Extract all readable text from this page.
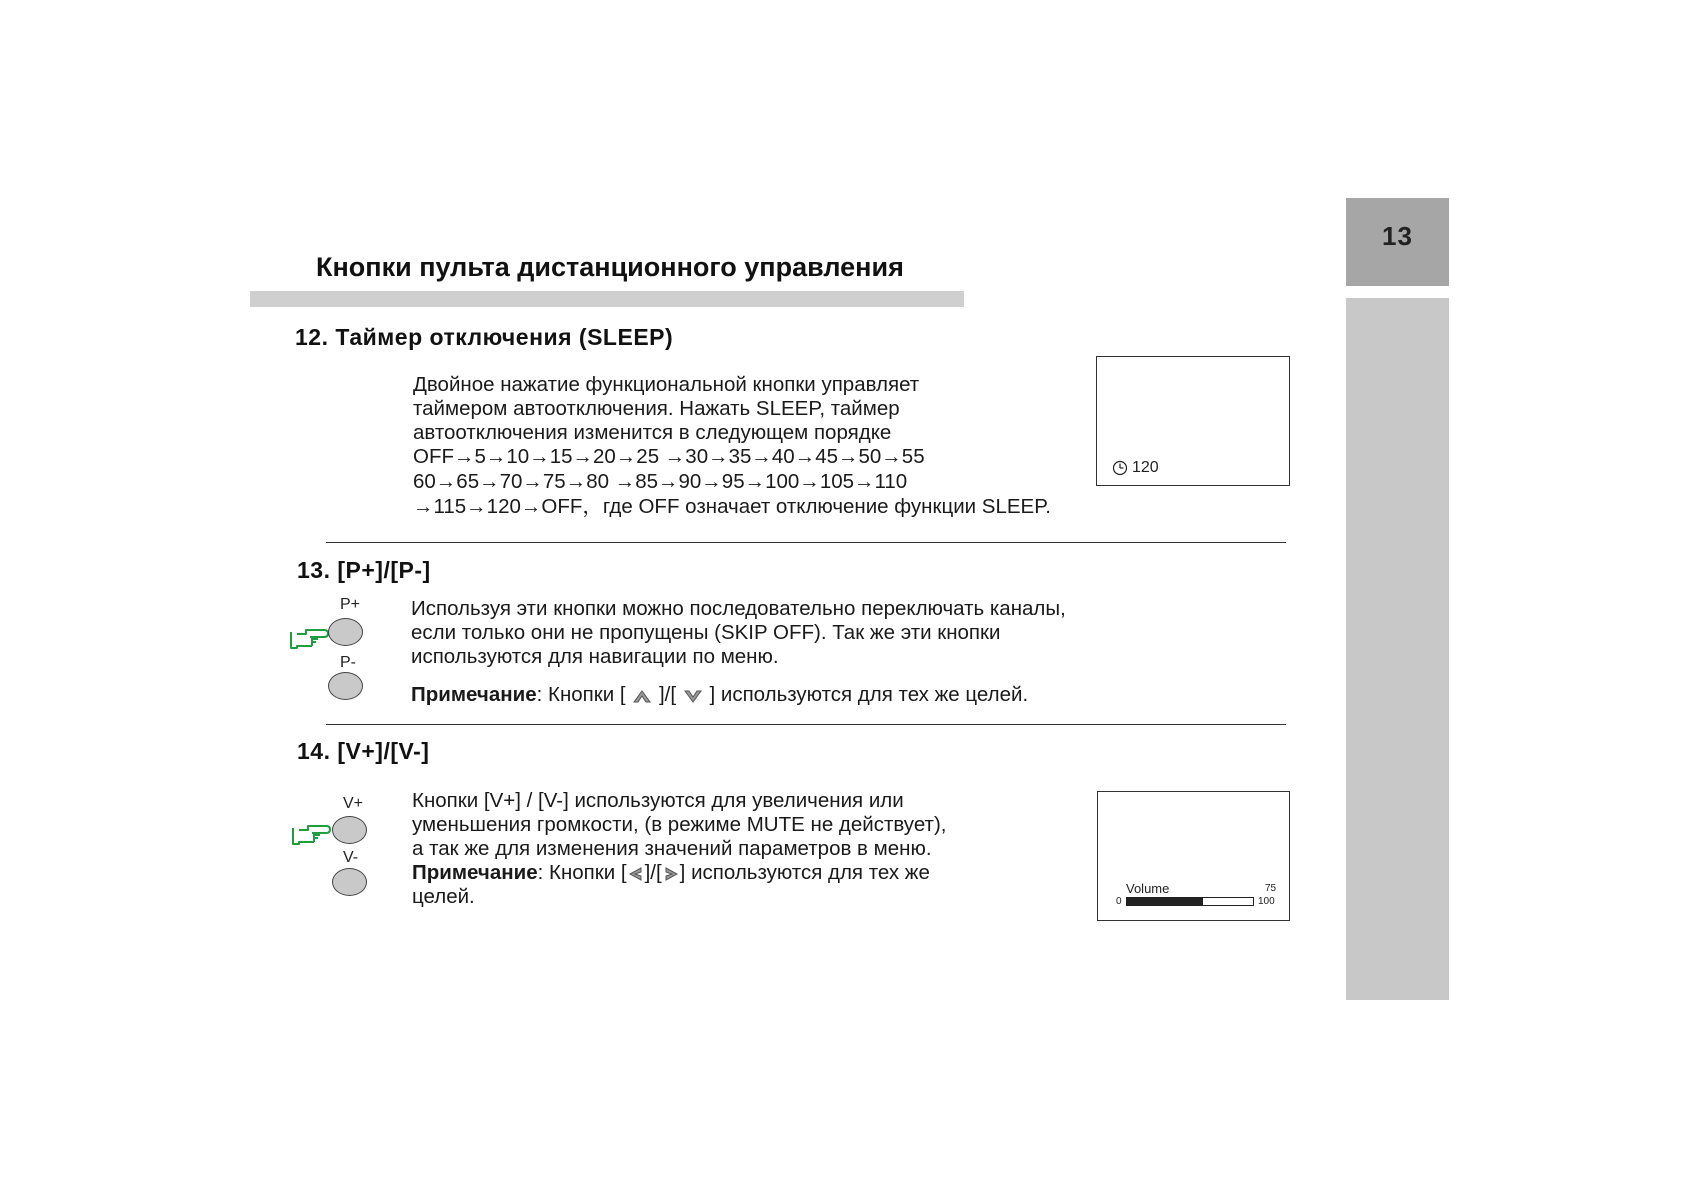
13
Кнопки пульта дистанционного управления
12. Таймер отключения (SLEEP)
Двойное нажатие функциональной кнопки управляет
таймером автоотключения. Нажать SLEEP, таймер
автоотключения изменится в следующем порядке
OFF→5→10→15→20→25 →30→35→40→45→50→55
60→65→70→75→80 →85→90→95→100→105→110
→115→120→OFF，где OFF означает отключение функции SLEEP.
120
13. [P+]/[P-]
P+
P-
Используя эти кнопки можно последовательно переключать каналы,
если только они не пропущены (SKIP OFF). Так же эти кнопки
используются для навигации по меню.
Примечание: Кнопки [  ]/[  ] используются для тех же целей.
14. [V+]/[V-]
V+
V-
Кнопки [V+] / [V-] используются для увеличения или
уменьшения громкости, (в режиме MUTE не действует),
а так же для изменения значений параметров в меню.
Примечание: Кнопки [ ]/[ ] используются для тех же
целей.	Volume	75
0	100
